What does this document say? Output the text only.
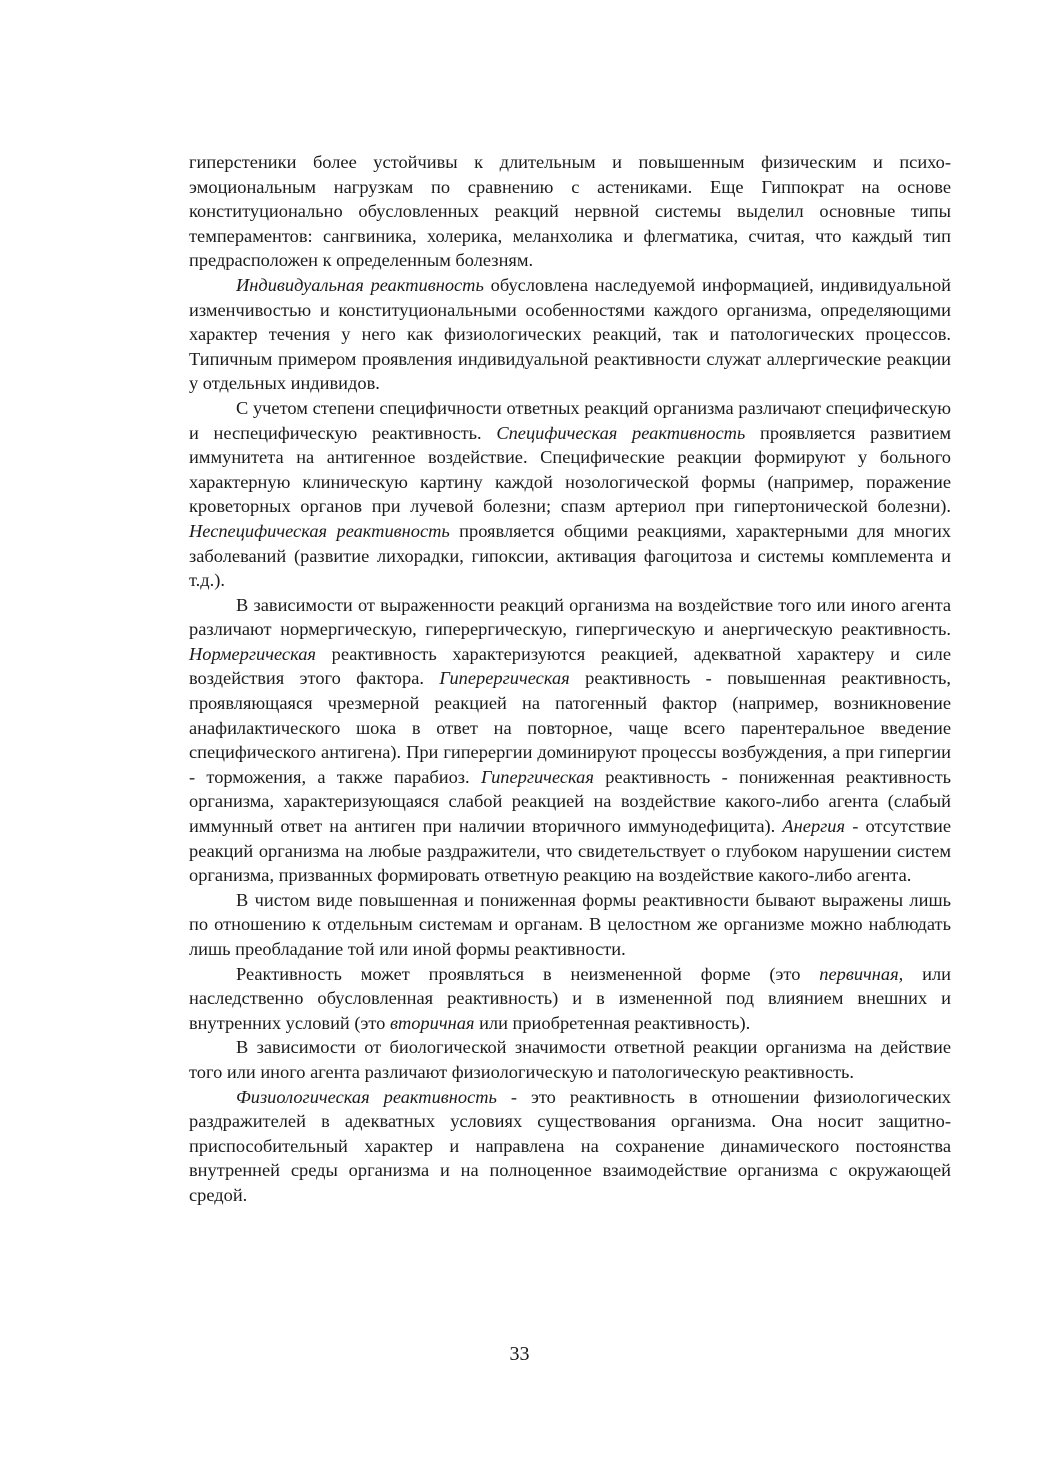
гиперстеники более устойчивы к длительным и повышенным физическим и психо-эмоциональным нагрузкам по сравнению с астениками. Еще Гиппократ на основе конституционально обусловленных реакций нервной системы выделил основные типы темпераментов: сангвиника, холерика, меланхолика и флегматика, считая, что каждый тип предрасположен к определенным болезням.

Индивидуальная реактивность обусловлена наследуемой информацией, индивидуальной изменчивостью и конституциональными особенностями каждого организма, определяющими характер течения у него как физиологических реакций, так и патологических процессов. Типичным примером проявления индивидуальной реактивности служат аллергические реакции у отдельных индивидов.

С учетом степени специфичности ответных реакций организма различают специфическую и неспецифическую реактивность. Специфическая реактивность проявляется развитием иммунитета на антигенное воздействие. Специфические реакции формируют у больного характерную клиническую картину каждой нозологической формы (например, поражение кроветорных органов при лучевой болезни; спазм артериол при гипертонической болезни). Неспецифическая реактивность проявляется общими реакциями, характерными для многих заболеваний (развитие лихорадки, гипоксии, активация фагоцитоза и системы комплемента и т.д.).

В зависимости от выраженности реакций организма на воздействие того или иного агента различают нормергическую, гиперергическую, гипергическую и анергическую реактивность. Нормергическая реактивность характеризуются реакцией, адекватной характеру и силе воздействия этого фактора. Гиперергическая реактивность - повышенная реактивность, проявляющаяся чрезмерной реакцией на патогенный фактор (например, возникновение анафилактического шока в ответ на повторное, чаще всего парентеральное введение специфического антигена). При гиперергии доминируют процессы возбуждения, а при гипергии - торможения, а также парабиоз. Гипергическая реактивность - пониженная реактивность организма, характеризующаяся слабой реакцией на воздействие какого-либо агента (слабый иммунный ответ на антиген при наличии вторичного иммунодефицита). Анергия - отсутствие реакций организма на любые раздражители, что свидетельствует о глубоком нарушении систем организма, призванных формировать ответную реакцию на воздействие какого-либо агента.

В чистом виде повышенная и пониженная формы реактивности бывают выражены лишь по отношению к отдельным системам и органам. В целостном же организме можно наблюдать лишь преобладание той или иной формы реактивности.

Реактивность может проявляться в неизмененной форме (это первичная, или наследственно обусловленная реактивность) и в измененной под влиянием внешних и внутренних условий (это вторичная или приобретенная реактивность).

В зависимости от биологической значимости ответной реакции организма на действие того или иного агента различают физиологическую и патологическую реактивность.

Физиологическая реактивность - это реактивность в отношении физиологических раздражителей в адекватных условиях существования организма. Она носит защитно-приспособительный характер и направлена на сохранение динамического постоянства внутренней среды организма и на полноценное взаимодействие организма с окружающей средой.

33
